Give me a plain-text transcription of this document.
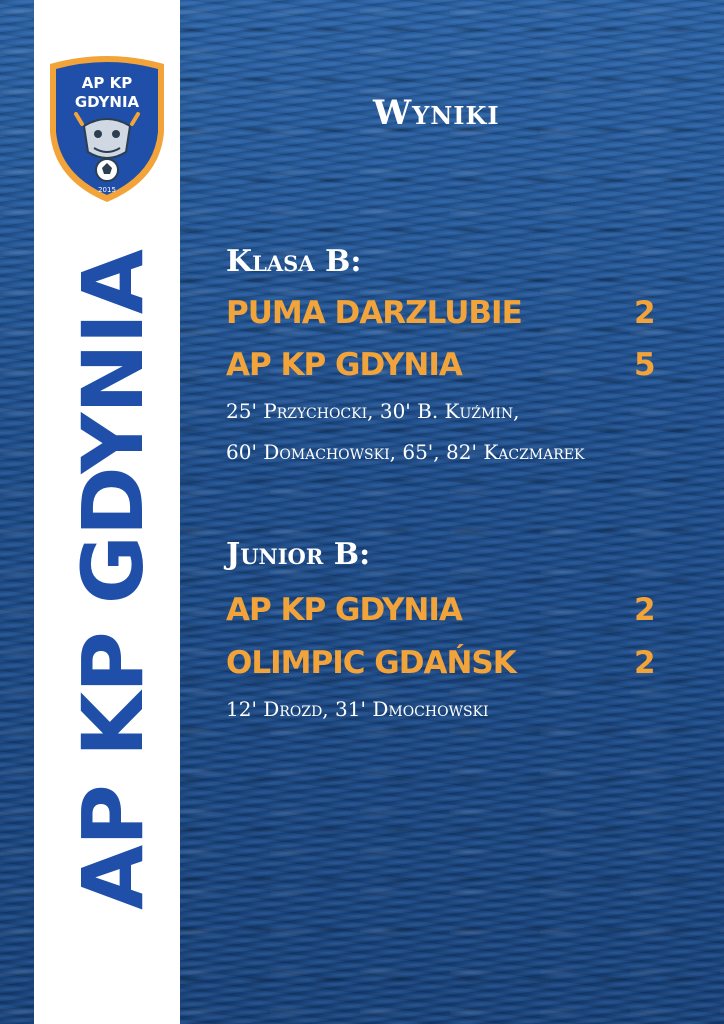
AP KP
GDYNIA
2015
AP KP GDYNIA
Wyniki
Klasa B:
PUMA DARZLUBIE	2
AP KP GDYNIA	5
25' Przychocki, 30' B. Kuźmin,
60' Domachowski, 65', 82' Kaczmarek
Junior B:
AP KP GDYNIA	2
OLIMPIC GDAŃSK	2
12' Drozd, 31' Dmochowski
